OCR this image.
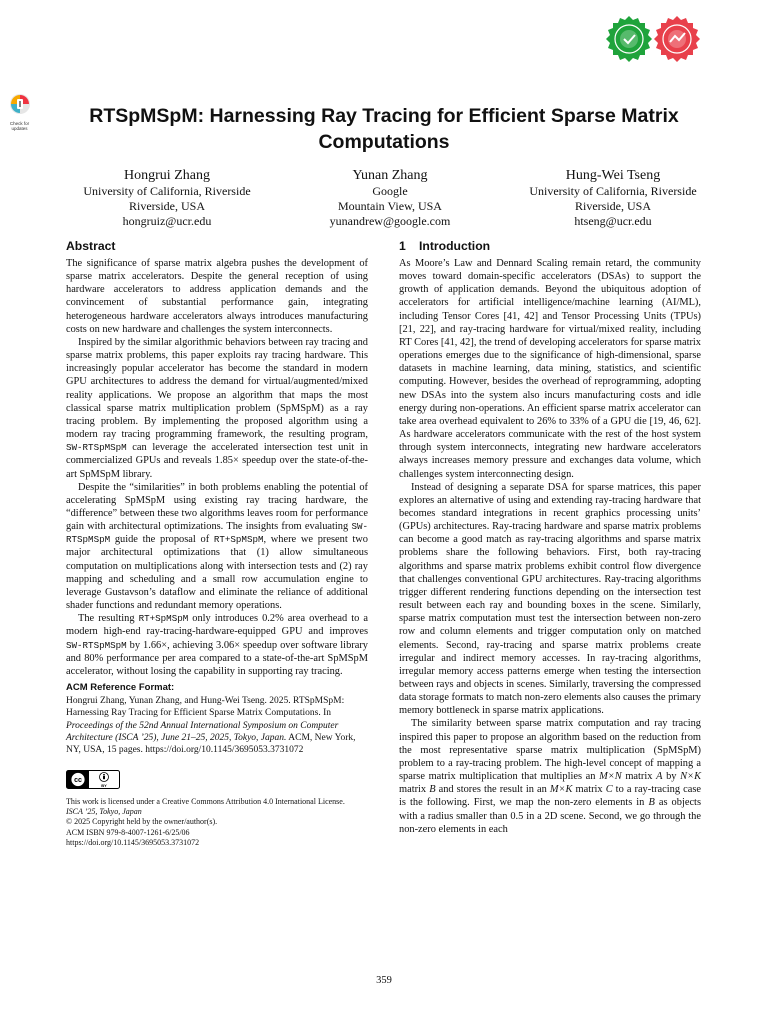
Check for
updates
RTSpMSpM: Harnessing Ray Tracing for Efficient Sparse Matrix
Computations
Hongrui Zhang
University of California, Riverside
Riverside, USA
hongruiz@ucr.edu
Yunan Zhang
Google
Mountain View, USA
yunandrew@google.com
Hung-Wei Tseng
University of California, Riverside
Riverside, USA
htseng@ucr.edu
Abstract

The significance of sparse matrix algebra pushes the development of sparse matrix accelerators. Despite the general reception of using hardware accelerators to address application demands and the convincement of substantial performance gain, integrating heterogeneous hardware accelerators always introduces manufacturing costs on new hardware and challenges the system interconnects.

Inspired by the similar algorithmic behaviors between ray tracing and sparse matrix problems, this paper exploits ray tracing hardware. This increasingly popular accelerator has become the standard in modern GPU architectures to address the demand for virtual/augmented/mixed reality applications. We propose an algorithm that maps the most classical sparse matrix multiplication problem (SpMSpM) as a ray tracing problem. By implementing the proposed algorithm using a modern ray tracing programming framework, the resulting program, SW-RTSpMSpM can leverage the accelerated intersection test unit in commercialized GPUs and reveals 1.85× speedup over the state-of-the-art SpMSpM library.

Despite the “similarities” in both problems enabling the potential of accelerating SpMSpM using existing ray tracing hardware, the “difference” between these two algorithms leaves room for performance gain with architectural optimizations. The insights from evaluating SW-RTSpMSpM guide the proposal of RT+SpMSpM, where we present two major architectural optimizations that (1) allow simultaneous computation on multiplications along with intersection tests and (2) ray mapping and scheduling and a small row accumulation engine to leverage Gustavson’s dataflow and eliminate the reliance of additional shader functions and redundant memory operations.

The resulting RT+SpMSpM only introduces 0.2% area overhead to a modern high-end ray-tracing-hardware-equipped GPU and improves SW-RTSpMSpM by 1.66×, achieving 3.06× speedup over software library and 80% performance per area compared to a state-of-the-art SpMSpM accelerator, without losing the capability in supporting ray tracing.

ACM Reference Format:
Hongrui Zhang, Yunan Zhang, and Hung-Wei Tseng. 2025. RTSpMSpM: Harnessing Ray Tracing for Efficient Sparse Matrix Computations. In Proceedings of the 52nd Annual International Symposium on Computer Architecture (ISCA ’25), June 21–25, 2025, Tokyo, Japan. ACM, New York, NY, USA, 15 pages. https://doi.org/10.1145/3695053.3731072
cc
BY
This work is licensed under a Creative Commons Attribution 4.0 International License.
ISCA ’25, Tokyo, Japan
© 2025 Copyright held by the owner/author(s).
ACM ISBN 979-8-4007-1261-6/25/06
https://doi.org/10.1145/3695053.3731072
1 Introduction

As Moore’s Law and Dennard Scaling remain retard, the community moves toward domain-specific accelerators (DSAs) to support the growth of application demands. Beyond the ubiquitous adoption of accelerators for artificial intelligence/machine learning (AI/ML), including Tensor Cores [41, 42] and Tensor Processing Units (TPUs) [21, 22], and ray-tracing hardware for virtual/mixed reality, including RT Cores [41, 42], the trend of developing accelerators for sparse matrix operations emerges due to the significance of high-dimensional, sparse datasets in machine learning, data mining, statistics, and scientific computing. However, besides the overhead of reprogramming, adopting new DSAs into the system also incurs manufacturing costs and idle energy during non-operations. An efficient sparse matrix accelerator can take area overhead equivalent to 26% to 33% of a GPU die [19, 46, 62]. As hardware accelerators communicate with the rest of the host system through system interconnects, integrating new hardware accelerators always increases memory pressure and exchanges data volume, which challenges system interconnecting design.

Instead of designing a separate DSA for sparse matrices, this paper explores an alternative of using and extending ray-tracing hardware that becomes standard integrations in recent graphics processing units’ (GPUs) architectures. Ray-tracing hardware and sparse matrix problems can become a good match as ray-tracing algorithms and sparse matrix problems share the following behaviors. First, both ray-tracing algorithms and sparse matrix problems exhibit control flow divergence that challenges conventional GPU architectures. Ray-tracing algorithms trigger different rendering functions depending on the intersection test result between each ray and bounding boxes in the scene. Similarly, sparse matrix computation must test the intersection between non-zero row and column elements and trigger computation only on matched elements. Second, ray-tracing and sparse matrix problems create irregular and indirect memory accesses. In ray-tracing algorithms, irregular memory access patterns emerge when testing the intersection between rays and objects in scenes. Similarly, traversing the compressed data storage formats to match non-zero elements also causes the primary memory bottleneck in sparse matrix applications.

The similarity between sparse matrix computation and ray tracing inspired this paper to propose an algorithm based on the reduction from the most representative sparse matrix multiplication (SpMSpM) problem to a ray-tracing problem. The high-level concept of mapping a sparse matrix multiplication that multiplies an M×N matrix A by N×K matrix B and stores the result in an M×K matrix C to a ray-tracing case is the following. First, we map the non-zero elements in B as objects with a radius smaller than 0.5 in a 2D scene. Second, we go through the non-zero elements in each

359
